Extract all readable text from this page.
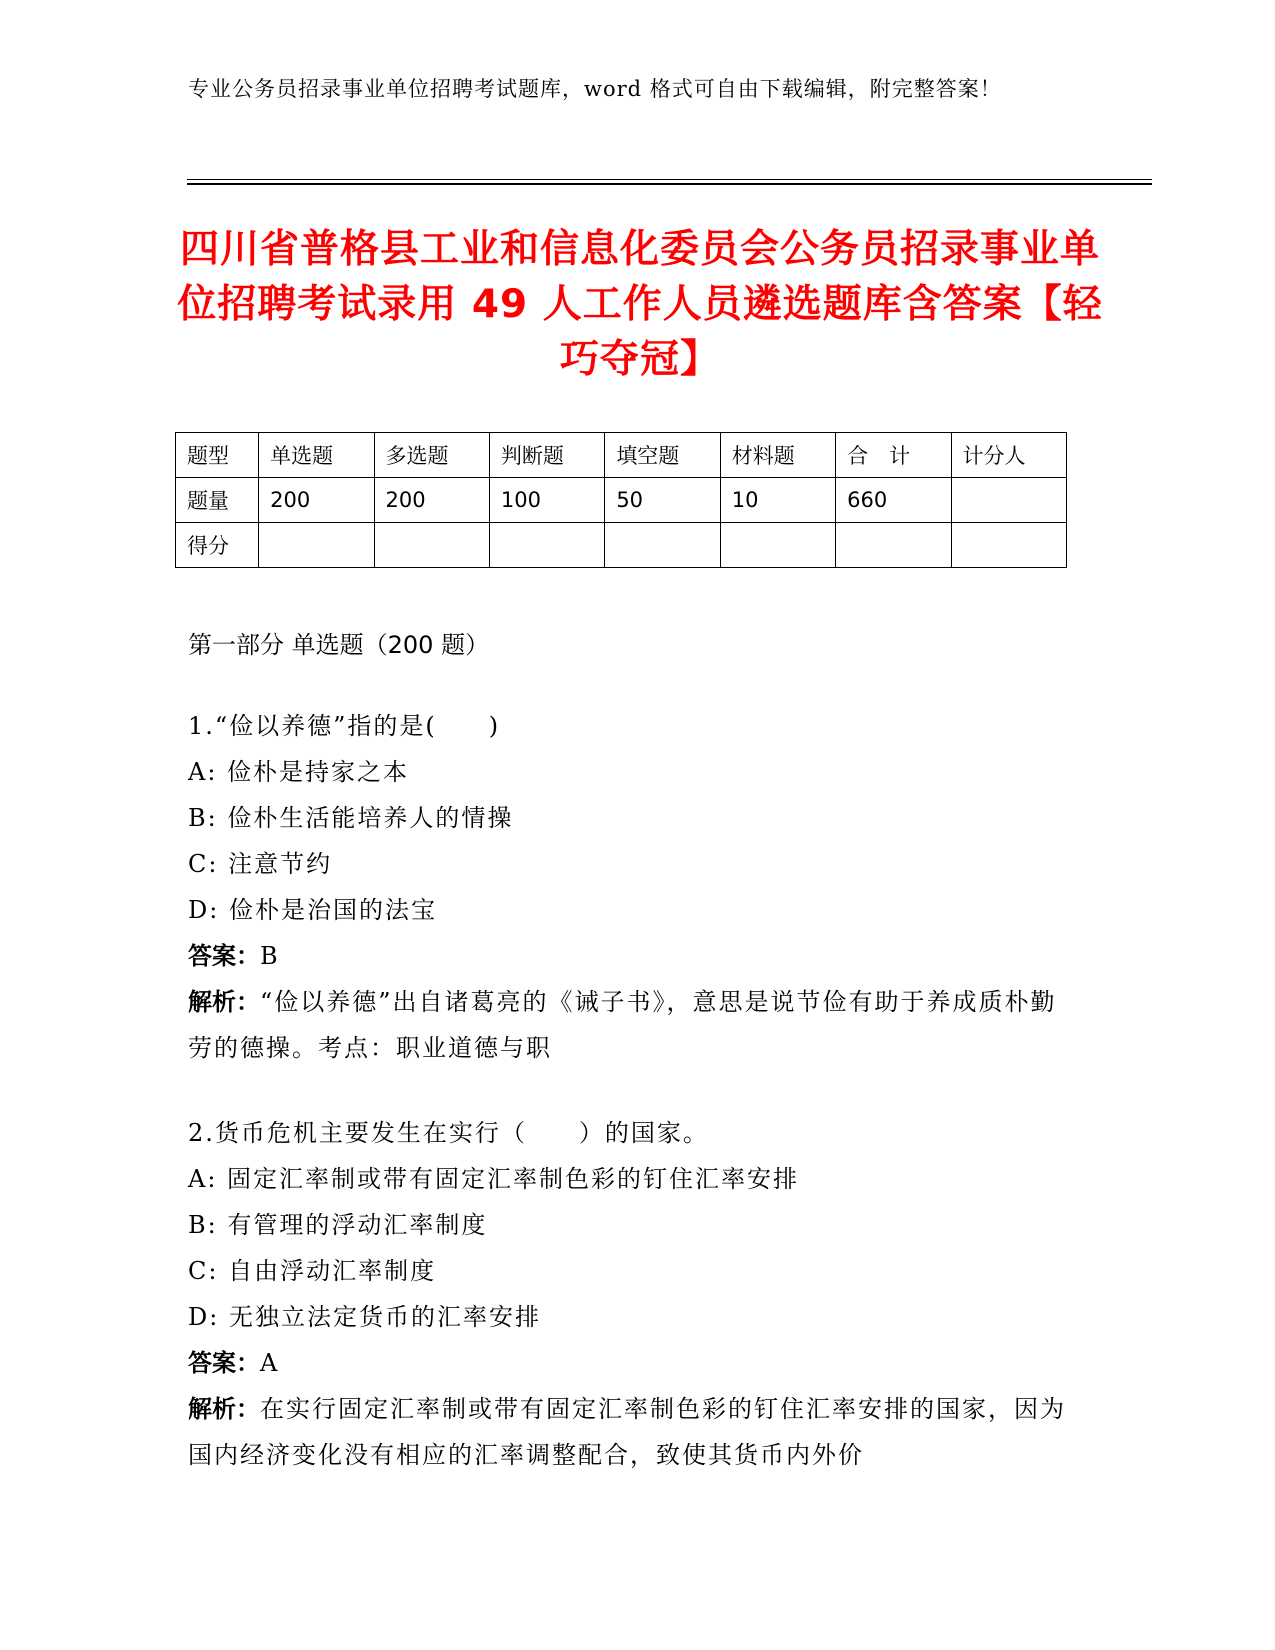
专业公务员招录事业单位招聘考试题库，word 格式可自由下载编辑，附完整答案！
四川省普格县工业和信息化委员会公务员招录事业单位招聘考试录用 49 人工作人员遴选题库含答案【轻巧夺冠】
题型	单选题	多选题	判断题	填空题	材料题	合　计	计分人
题量	200	200	100	50	10	660	
得分							
第一部分 单选题（200 题）
1.“俭以养德”指的是(　　)
A: 俭朴是持家之本
B: 俭朴生活能培养人的情操
C: 注意节约
D: 俭朴是治国的法宝
答案：B
解析：“俭以养德”出自诸葛亮的《诫子书》，意思是说节俭有助于养成质朴勤劳的德操。考点：职业道德与职
2.货币危机主要发生在实行（　　）的国家。
A: 固定汇率制或带有固定汇率制色彩的钉住汇率安排
B: 有管理的浮动汇率制度
C: 自由浮动汇率制度
D: 无独立法定货币的汇率安排
答案：A
解析：在实行固定汇率制或带有固定汇率制色彩的钉住汇率安排的国家，因为国内经济变化没有相应的汇率调整配合，致使其货币内外价
